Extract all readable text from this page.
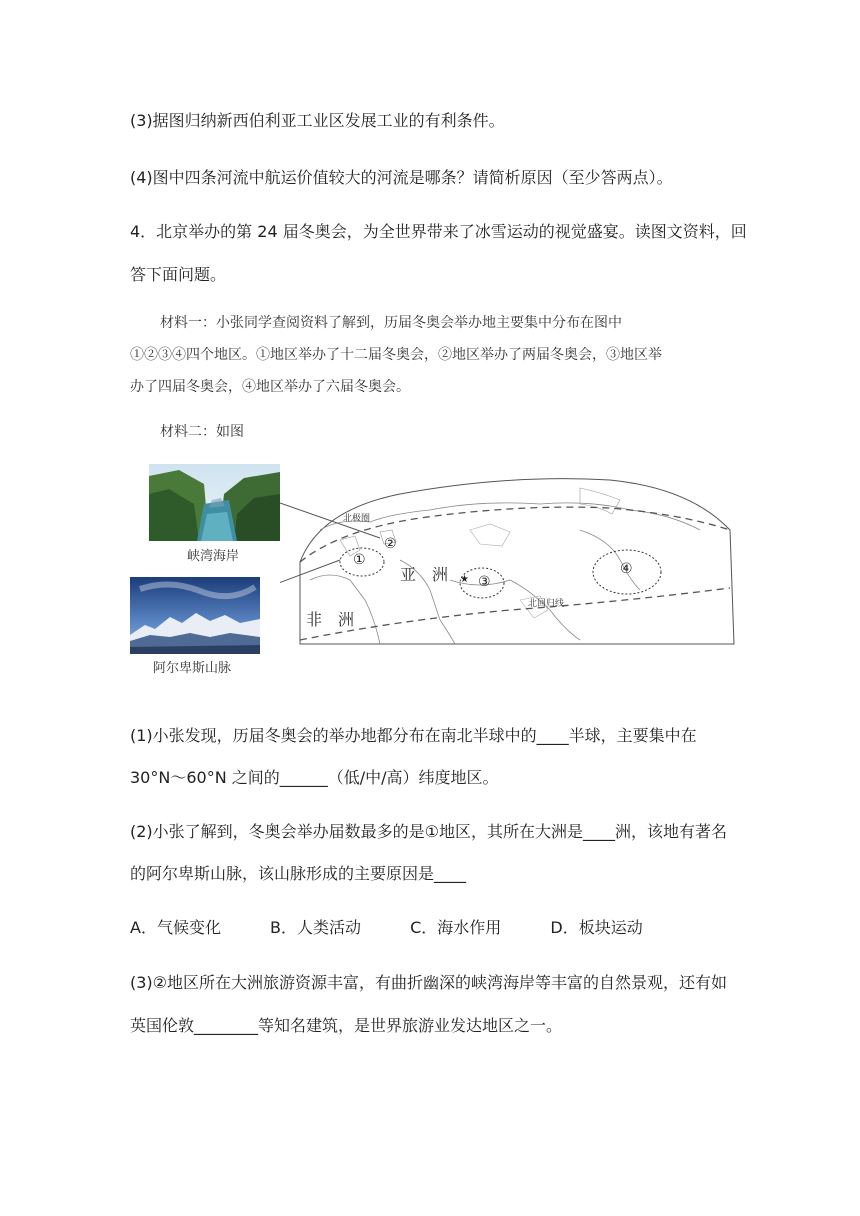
(3)据图归纳新西伯利亚工业区发展工业的有利条件。
(4)图中四条河流中航运价值较大的河流是哪条？请简析原因（至少答两点）。
4．北京举办的第 24 届冬奥会，为全世界带来了冰雪运动的视觉盛宴。读图文资料，回
答下面问题。
材料一：小张同学查阅资料了解到，历届冬奥会举办地主要集中分布在图中
①②③④四个地区。①地区举办了十二届冬奥会，②地区举办了两届冬奥会，③地区举
办了四届冬奥会，④地区举办了六届冬奥会。
材料二：如图
峡湾海岸
阿尔卑斯山脉
★
北极圈
北回归线
亚　洲
非　洲
①
②
③
④
(1)小张发现，历届冬奥会的举办地都分布在南北半球中的____半球，主要集中在
30°N～60°N 之间的______（低/中/高）纬度地区。
(2)小张了解到，冬奥会举办届数最多的是①地区，其所在大洲是____洲，该地有著名
的阿尔卑斯山脉，该山脉形成的主要原因是____
A．气候变化	B．人类活动	C．海水作用	D．板块运动
(3)②地区所在大洲旅游资源丰富，有曲折幽深的峡湾海岸等丰富的自然景观，还有如
英国伦敦________等知名建筑，是世界旅游业发达地区之一。
